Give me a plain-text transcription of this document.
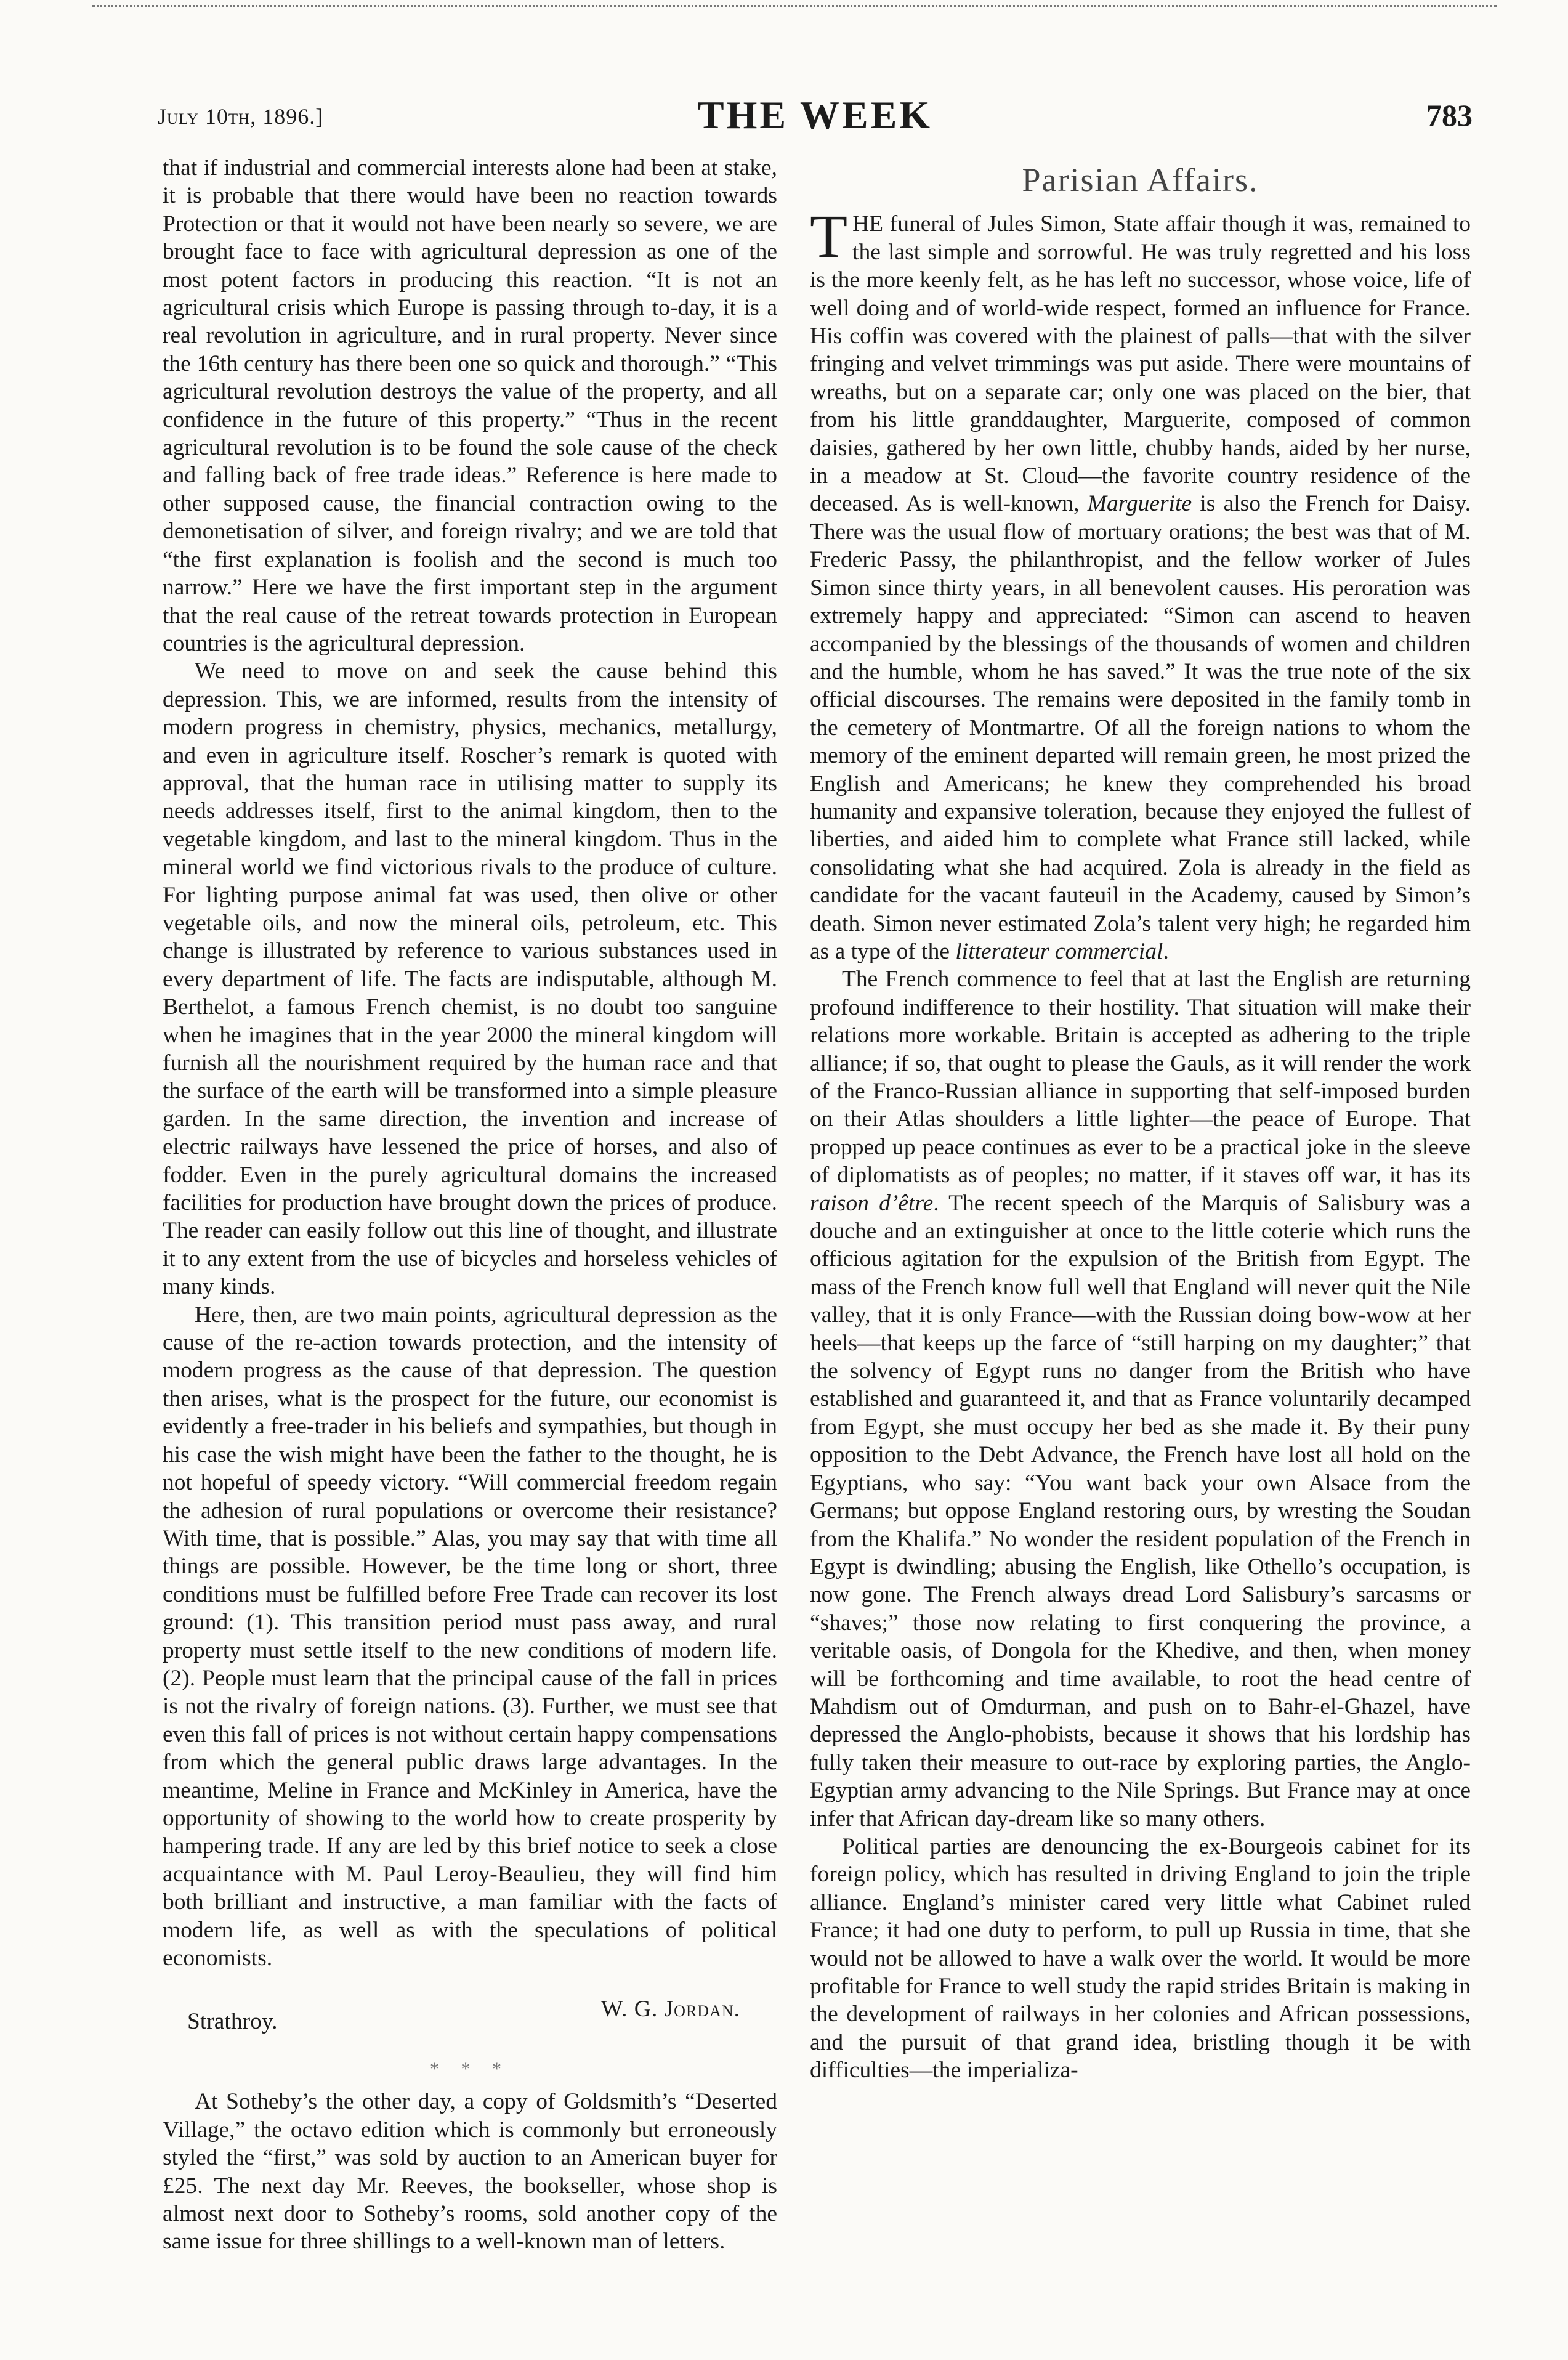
July 10th, 1896.]	THE WEEK	783

that if industrial and commercial interests alone had been at stake, it is probable that there would have been no reaction towards Protection or that it would not have been nearly so severe, we are brought face to face with agricultural depression as one of the most potent factors in producing this reaction. “It is not an agricultural crisis which Europe is passing through to-day, it is a real revolution in agriculture, and in rural property. Never since the 16th century has there been one so quick and thorough.” “This agricultural revolution destroys the value of the property, and all confidence in the future of this property.” “Thus in the recent agricultural revolution is to be found the sole cause of the check and falling back of free trade ideas.” Reference is here made to other supposed cause, the financial contraction owing to the demonetisation of silver, and foreign rivalry; and we are told that “the first explanation is foolish and the second is much too narrow.” Here we have the first important step in the argument that the real cause of the retreat towards protection in European countries is the agricultural depression.

We need to move on and seek the cause behind this depression. This, we are informed, results from the intensity of modern progress in chemistry, physics, mechanics, metallurgy, and even in agriculture itself. Roscher’s remark is quoted with approval, that the human race in utilising matter to supply its needs addresses itself, first to the animal kingdom, then to the vegetable kingdom, and last to the mineral kingdom. Thus in the mineral world we find victorious rivals to the produce of culture. For lighting purpose animal fat was used, then olive or other vegetable oils, and now the mineral oils, petroleum, etc. This change is illustrated by reference to various substances used in every department of life. The facts are indisputable, although M. Berthelot, a famous French chemist, is no doubt too sanguine when he imagines that in the year 2000 the mineral kingdom will furnish all the nourishment required by the human race and that the surface of the earth will be transformed into a simple pleasure garden. In the same direction, the invention and increase of electric railways have lessened the price of horses, and also of fodder. Even in the purely agricultural domains the increased facilities for production have brought down the prices of produce. The reader can easily follow out this line of thought, and illustrate it to any extent from the use of bicycles and horseless vehicles of many kinds.

Here, then, are two main points, agricultural depression as the cause of the re-action towards protection, and the intensity of modern progress as the cause of that depression. The question then arises, what is the prospect for the future, our economist is evidently a free-trader in his beliefs and sympathies, but though in his case the wish might have been the father to the thought, he is not hopeful of speedy victory. “Will commercial freedom regain the adhesion of rural populations or overcome their resistance? With time, that is possible.” Alas, you may say that with time all things are possible. However, be the time long or short, three conditions must be fulfilled before Free Trade can recover its lost ground: (1). This transition period must pass away, and rural property must settle itself to the new conditions of modern life. (2). People must learn that the principal cause of the fall in prices is not the rivalry of foreign nations. (3). Further, we must see that even this fall of prices is not without certain happy compensations from which the general public draws large advantages. In the meantime, Meline in France and McKinley in America, have the opportunity of showing to the world how to create prosperity by hampering trade. If any are led by this brief notice to seek a close acquaintance with M. Paul Leroy-Beaulieu, they will find him both brilliant and instructive, a man familiar with the facts of modern life, as well as with the speculations of political economists.

Strathroy.	W. G. Jordan.
* * *

At Sotheby’s the other day, a copy of Goldsmith’s “Deserted Village,” the octavo edition which is commonly but erroneously styled the “first,” was sold by auction to an American buyer for £25. The next day Mr. Reeves, the bookseller, whose shop is almost next door to Sotheby’s rooms, sold another copy of the same issue for three shillings to a well-known man of letters.

Parisian Affairs.

THE funeral of Jules Simon, State affair though it was, remained to the last simple and sorrowful. He was truly regretted and his loss is the more keenly felt, as he has left no successor, whose voice, life of well doing and of world-wide respect, formed an influence for France. His coffin was covered with the plainest of palls—that with the silver fringing and velvet trimmings was put aside. There were mountains of wreaths, but on a separate car; only one was placed on the bier, that from his little granddaughter, Marguerite, composed of common daisies, gathered by her own little, chubby hands, aided by her nurse, in a meadow at St. Cloud—the favorite country residence of the deceased. As is well-known, Marguerite is also the French for Daisy. There was the usual flow of mortuary orations; the best was that of M. Frederic Passy, the philanthropist, and the fellow worker of Jules Simon since thirty years, in all benevolent causes. His peroration was extremely happy and appreciated: “Simon can ascend to heaven accompanied by the blessings of the thousands of women and children and the humble, whom he has saved.” It was the true note of the six official discourses. The remains were deposited in the family tomb in the cemetery of Montmartre. Of all the foreign nations to whom the memory of the eminent departed will remain green, he most prized the English and Americans; he knew they comprehended his broad humanity and expansive toleration, because they enjoyed the fullest of liberties, and aided him to complete what France still lacked, while consolidating what she had acquired. Zola is already in the field as candidate for the vacant fauteuil in the Academy, caused by Simon’s death. Simon never estimated Zola’s talent very high; he regarded him as a type of the litterateur commercial.

The French commence to feel that at last the English are returning profound indifference to their hostility. That situation will make their relations more workable. Britain is accepted as adhering to the triple alliance; if so, that ought to please the Gauls, as it will render the work of the Franco-Russian alliance in supporting that self-imposed burden on their Atlas shoulders a little lighter—the peace of Europe. That propped up peace continues as ever to be a practical joke in the sleeve of diplomatists as of peoples; no matter, if it staves off war, it has its raison d’être. The recent speech of the Marquis of Salisbury was a douche and an extinguisher at once to the little coterie which runs the officious agitation for the expulsion of the British from Egypt. The mass of the French know full well that England will never quit the Nile valley, that it is only France—with the Russian doing bow-wow at her heels—that keeps up the farce of “still harping on my daughter;” that the solvency of Egypt runs no danger from the British who have established and guaranteed it, and that as France voluntarily decamped from Egypt, she must occupy her bed as she made it. By their puny opposition to the Debt Advance, the French have lost all hold on the Egyptians, who say: “You want back your own Alsace from the Germans; but oppose England restoring ours, by wresting the Soudan from the Khalifa.” No wonder the resident population of the French in Egypt is dwindling; abusing the English, like Othello’s occupation, is now gone. The French always dread Lord Salisbury’s sarcasms or “shaves;” those now relating to first conquering the province, a veritable oasis, of Dongola for the Khedive, and then, when money will be forthcoming and time available, to root the head centre of Mahdism out of Omdurman, and push on to Bahr-el-Ghazel, have depressed the Anglo-phobists, because it shows that his lordship has fully taken their measure to out-race by exploring parties, the Anglo-Egyptian army advancing to the Nile Springs. But France may at once infer that African day-dream like so many others.

Political parties are denouncing the ex-Bourgeois cabinet for its foreign policy, which has resulted in driving England to join the triple alliance. England’s minister cared very little what Cabinet ruled France; it had one duty to perform, to pull up Russia in time, that she would not be allowed to have a walk over the world. It would be more profitable for France to well study the rapid strides Britain is making in the development of railways in her colonies and African possessions, and the pursuit of that grand idea, bristling though it be with difficulties—the imperializa-
